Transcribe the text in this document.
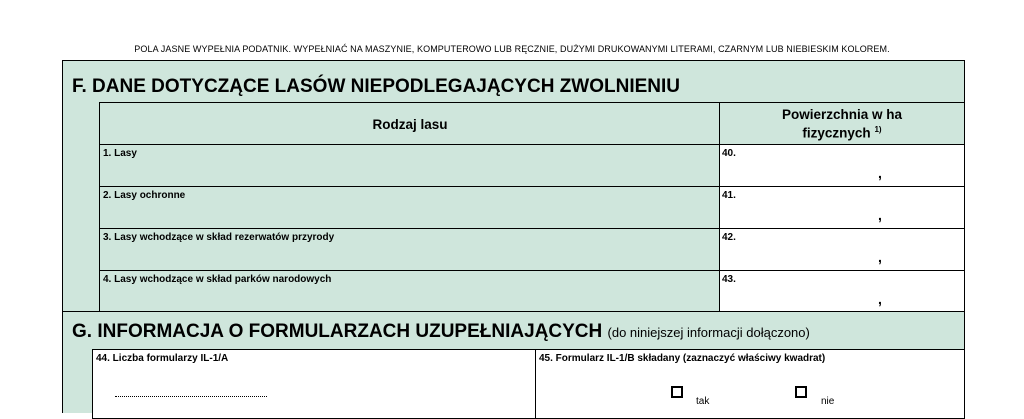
POLA JASNE WYPEŁNIA PODATNIK. WYPEŁNIAĆ NA MASZYNIE, KOMPUTEROWO LUB RĘCZNIE, DUŻYMI DRUKOWANYMI LITERAMI, CZARNYM LUB NIEBIESKIM KOLOREM.
F. DANE DOTYCZĄCE LASÓW NIEPODLEGAJĄCYCH ZWOLNIENIU
Rodzaj lasu
Powierzchnia w ha
fizycznych $^{1)}$
1. Lasy	40.
,
2. Lasy ochronne	41.
,
3. Lasy wchodzące w skład rezerwatów przyrody	42.
,
4. Lasy wchodzące w skład parków narodowych	43.
,
G. INFORMACJA O FORMULARZACH UZUPEŁNIAJĄCYCH (do niniejszej informacji dołączono)
44. Liczba formularzy IL-1/A	45. Formularz IL-1/B składany (zaznaczyć właściwy kwadrat)
tak	nie
